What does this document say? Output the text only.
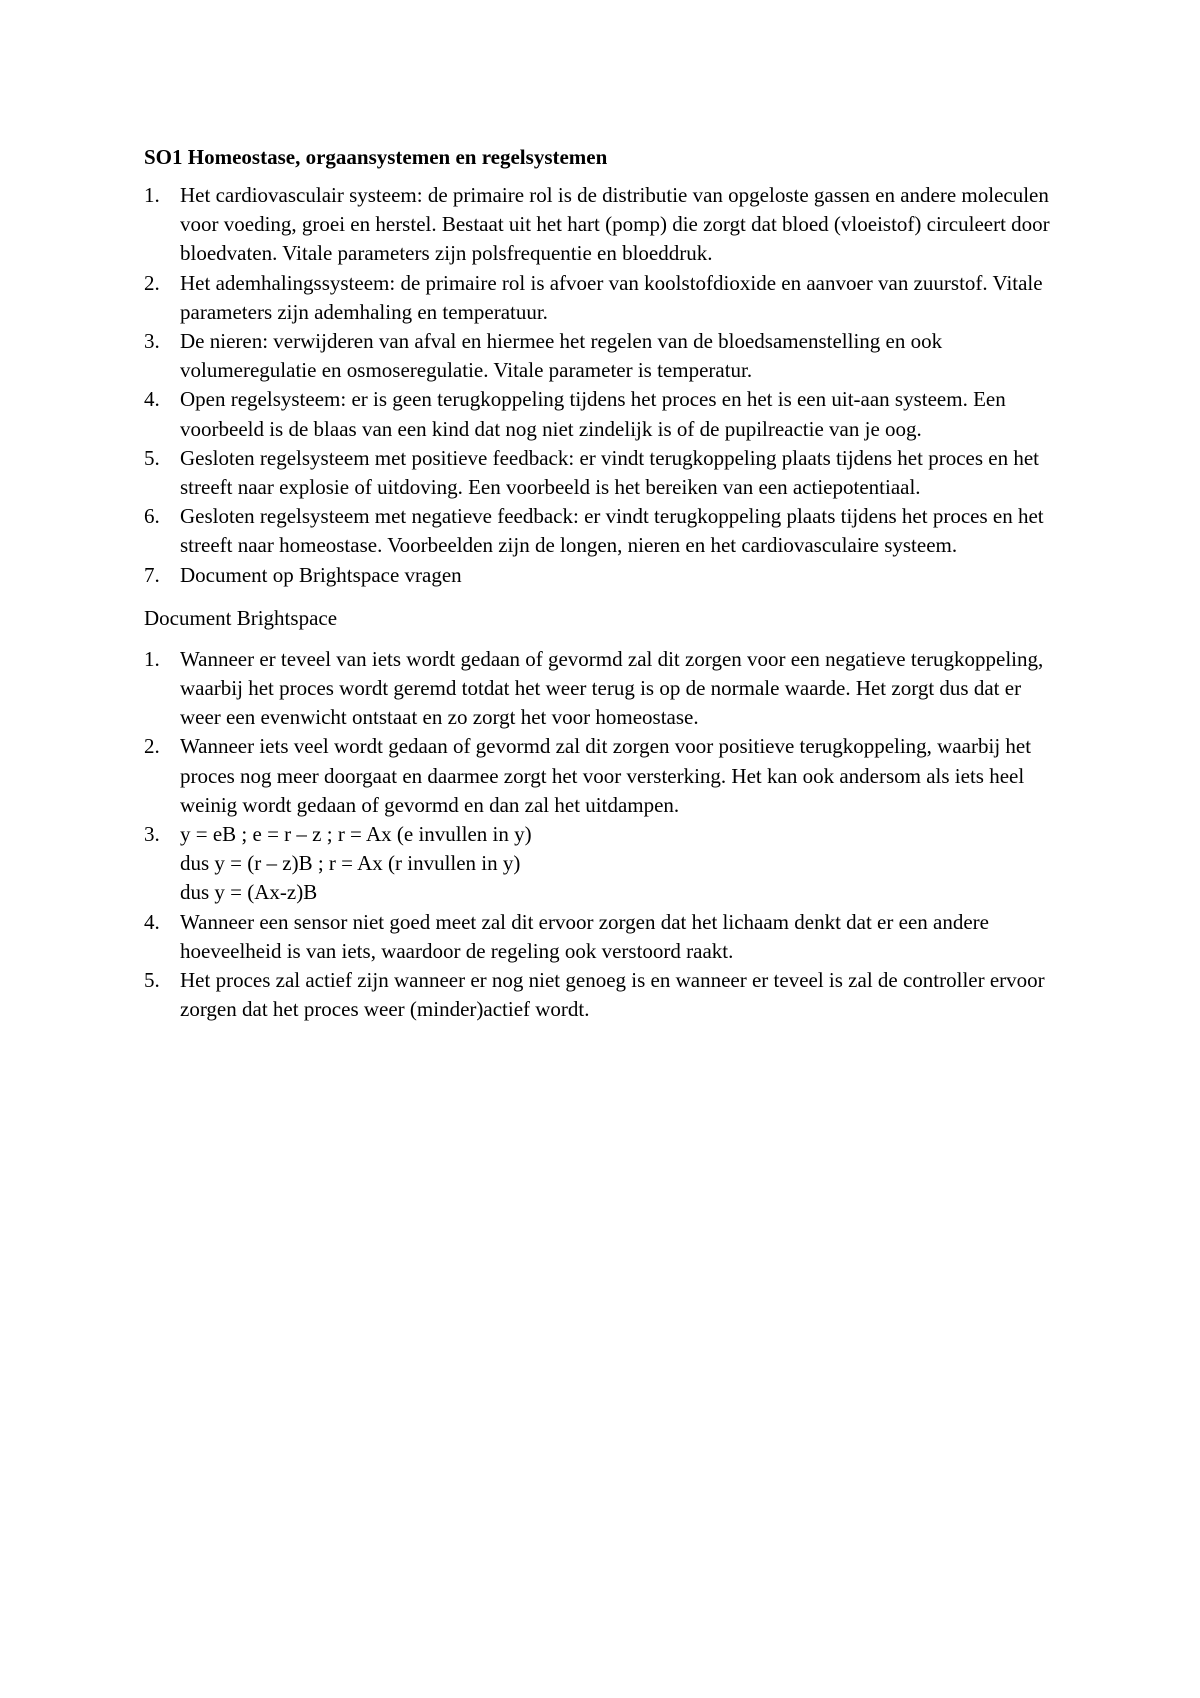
SO1 Homeostase, orgaansystemen en regelsystemen
1. Het cardiovasculair systeem: de primaire rol is de distributie van opgeloste gassen en andere moleculen voor voeding, groei en herstel. Bestaat uit het hart (pomp) die zorgt dat bloed (vloeistof) circuleert door bloedvaten. Vitale parameters zijn polsfrequentie en bloeddruk.
2. Het ademhalingssysteem: de primaire rol is afvoer van koolstofdioxide en aanvoer van zuurstof. Vitale parameters zijn ademhaling en temperatuur.
3. De nieren: verwijderen van afval en hiermee het regelen van de bloedsamenstelling en ook volumeregulatie en osmoseregulatie. Vitale parameter is temperatur.
4. Open regelsysteem: er is geen terugkoppeling tijdens het proces en het is een uit-aan systeem. Een voorbeeld is de blaas van een kind dat nog niet zindelijk is of de pupilreactie van je oog.
5. Gesloten regelsysteem met positieve feedback: er vindt terugkoppeling plaats tijdens het proces en het streeft naar explosie of uitdoving. Een voorbeeld is het bereiken van een actiepotentiaal.
6. Gesloten regelsysteem met negatieve feedback: er vindt terugkoppeling plaats tijdens het proces en het streeft naar homeostase. Voorbeelden zijn de longen, nieren en het cardiovasculaire systeem.
7. Document op Brightspace vragen
Document Brightspace
1. Wanneer er teveel van iets wordt gedaan of gevormd zal dit zorgen voor een negatieve terugkoppeling, waarbij het proces wordt geremd totdat het weer terug is op de normale waarde. Het zorgt dus dat er weer een evenwicht ontstaat en zo zorgt het voor homeostase.
2. Wanneer iets veel wordt gedaan of gevormd zal dit zorgen voor positieve terugkoppeling, waarbij het proces nog meer doorgaat en daarmee zorgt het voor versterking. Het kan ook andersom als iets heel weinig wordt gedaan of gevormd en dan zal het uitdampen.
3. y = eB ; e = r – z ; r = Ax (e invullen in y)
dus y = (r – z)B ; r = Ax (r invullen in y)
dus y = (Ax-z)B
4. Wanneer een sensor niet goed meet zal dit ervoor zorgen dat het lichaam denkt dat er een andere hoeveelheid is van iets, waardoor de regeling ook verstoord raakt.
5. Het proces zal actief zijn wanneer er nog niet genoeg is en wanneer er teveel is zal de controller ervoor zorgen dat het proces weer (minder)actief wordt.
